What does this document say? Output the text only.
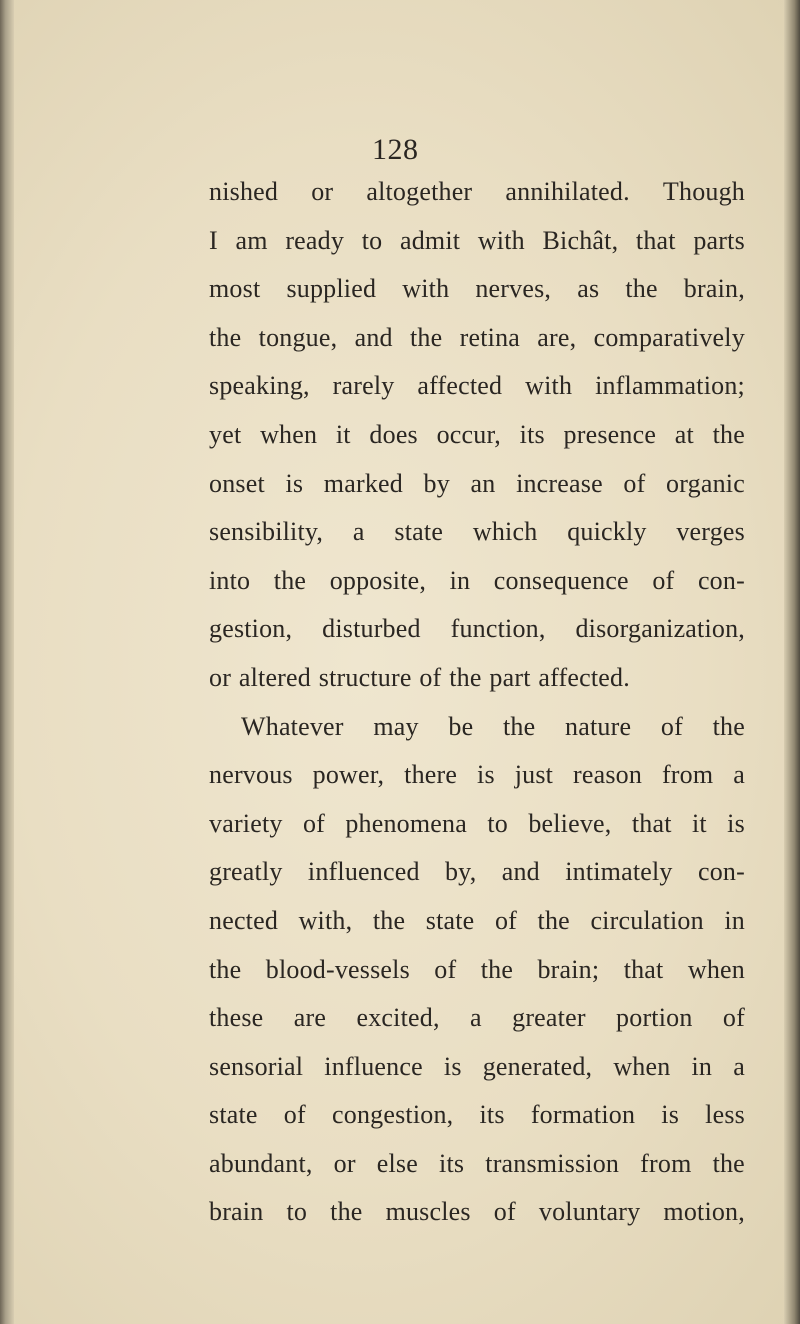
128
nished or altogether annihilated. Though
I am ready to admit with Bichât, that parts
most supplied with nerves, as the brain,
the tongue, and the retina are, comparatively
speaking, rarely affected with inflammation;
yet when it does occur, its presence at the
onset is marked by an increase of organic
sensibility, a state which quickly verges
into the opposite, in consequence of con-
gestion, disturbed function, disorganization,
or altered structure of the part affected.
Whatever may be the nature of the
nervous power, there is just reason from a
variety of phenomena to believe, that it is
greatly influenced by, and intimately con-
nected with, the state of the circulation in
the blood-vessels of the brain; that when
these are excited, a greater portion of
sensorial influence is generated, when in a
state of congestion, its formation is less
abundant, or else its transmission from the
brain to the muscles of voluntary motion,
